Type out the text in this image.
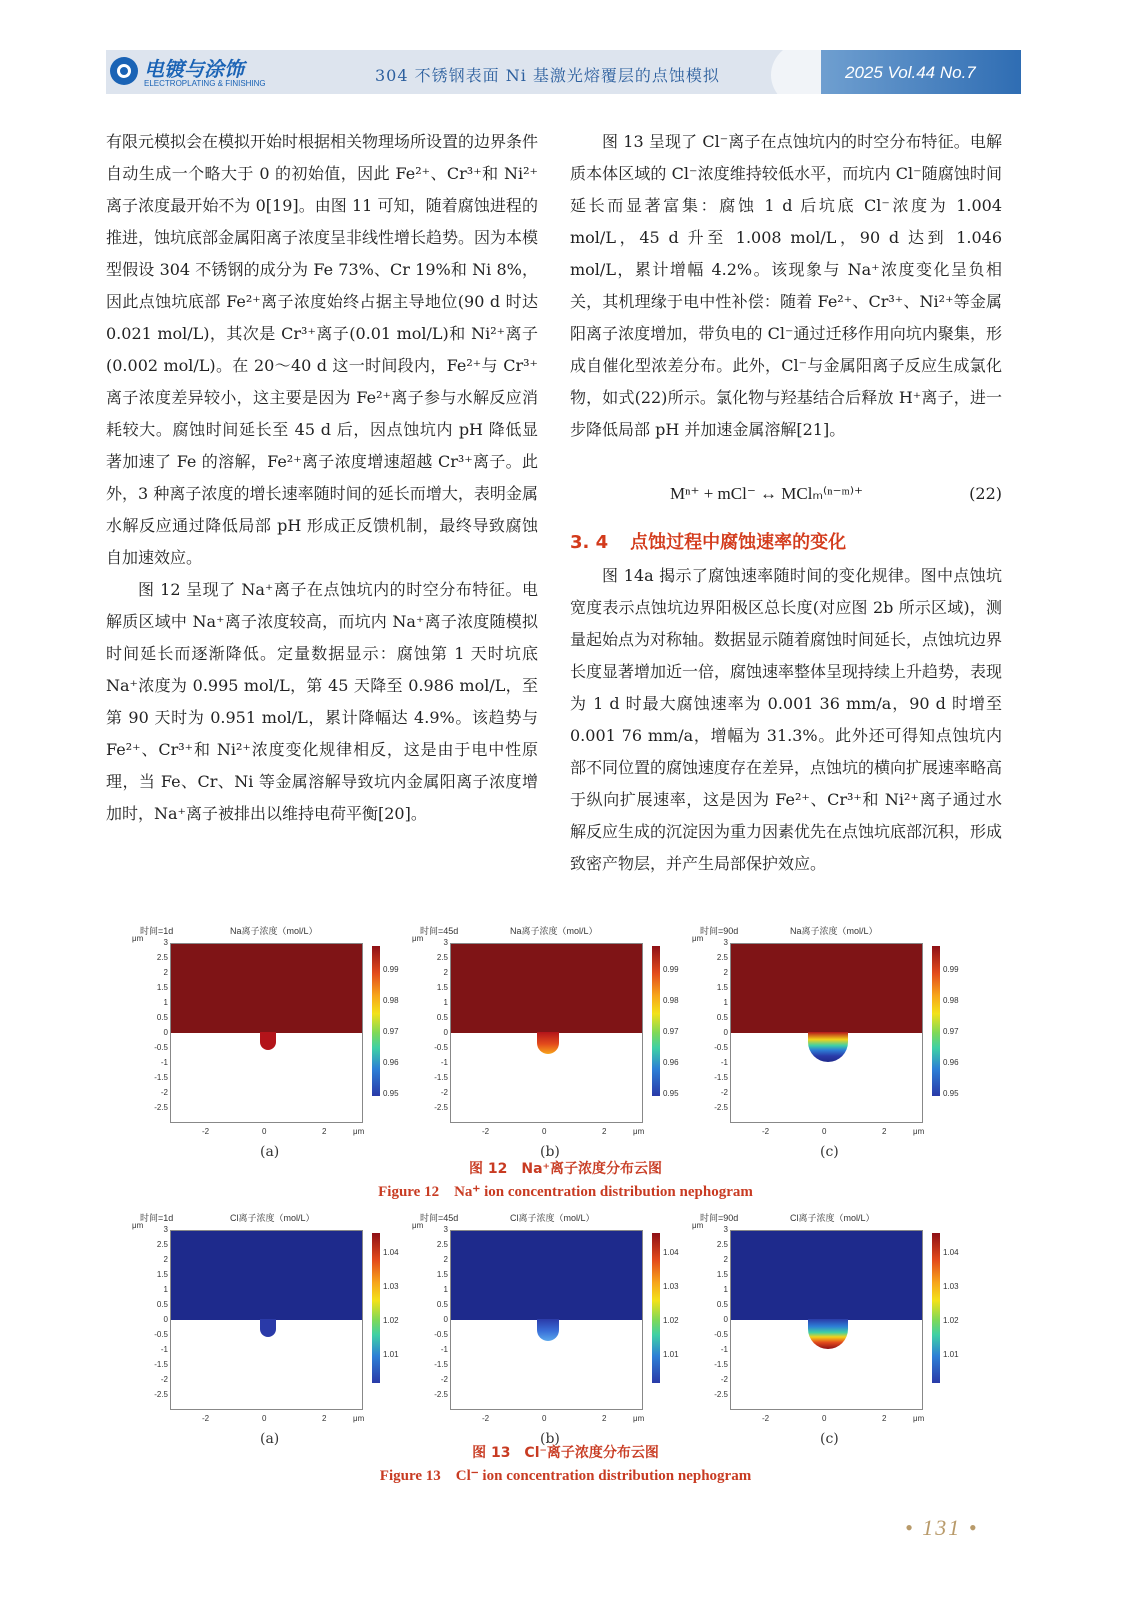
电镀与涂饰
ELECTROPLATING & FINISHING	304 不锈钢表面 Ni 基激光熔覆层的点蚀模拟	2025 Vol.44 No.7

有限元模拟会在模拟开始时根据相关物理场所设置的边界条件自动生成一个略大于 0 的初始值，因此 Fe²⁺、Cr³⁺和 Ni²⁺离子浓度最开始不为 0[19]。由图 11 可知，随着腐蚀进程的推进，蚀坑底部金属阳离子浓度呈非线性增长趋势。因为本模型假设 304 不锈钢的成分为 Fe 73%、Cr 19%和 Ni 8%，因此点蚀坑底部 Fe²⁺离子浓度始终占据主导地位(90 d 时达 0.021 mol/L)，其次是 Cr³⁺离子(0.01 mol/L)和 Ni²⁺离子(0.002 mol/L)。在 20～40 d 这一时间段内，Fe²⁺与 Cr³⁺离子浓度差异较小，这主要是因为 Fe²⁺离子参与水解反应消耗较大。腐蚀时间延长至 45 d 后，因点蚀坑内 pH 降低显著加速了 Fe 的溶解，Fe²⁺离子浓度增速超越 Cr³⁺离子。此外，3 种离子浓度的增长速率随时间的延长而增大，表明金属水解反应通过降低局部 pH 形成正反馈机制，最终导致腐蚀自加速效应。

图 12 呈现了 Na⁺离子在点蚀坑内的时空分布特征。电解质区域中 Na⁺离子浓度较高，而坑内 Na⁺离子浓度随模拟时间延长而逐渐降低。定量数据显示：腐蚀第 1 天时坑底 Na⁺浓度为 0.995 mol/L，第 45 天降至 0.986 mol/L，至第 90 天时为 0.951 mol/L，累计降幅达 4.9%。该趋势与 Fe²⁺、Cr³⁺和 Ni²⁺浓度变化规律相反，这是由于电中性原理，当 Fe、Cr、Ni 等金属溶解导致坑内金属阳离子浓度增加时，Na⁺离子被排出以维持电荷平衡[20]。

图 13 呈现了 Cl⁻离子在点蚀坑内的时空分布特征。电解质本体区域的 Cl⁻浓度维持较低水平，而坑内 Cl⁻随腐蚀时间延长而显著富集：腐蚀 1 d 后坑底 Cl⁻浓度为 1.004 mol/L，45 d 升至 1.008 mol/L，90 d 达到 1.046 mol/L，累计增幅 4.2%。该现象与 Na⁺浓度变化呈负相关，其机理缘于电中性补偿：随着 Fe²⁺、Cr³⁺、Ni²⁺等金属阳离子浓度增加，带负电的 Cl⁻通过迁移作用向坑内聚集，形成自催化型浓差分布。此外，Cl⁻与金属阳离子反应生成氯化物，如式(22)所示。氯化物与羟基结合后释放 H⁺离子，进一步降低局部 pH 并加速金属溶解[21]。

Mⁿ⁺ + mCl⁻ ↔ MClₘ⁽ⁿ⁻ᵐ⁾⁺	(22)
3. 4 点蚀过程中腐蚀速率的变化

图 14a 揭示了腐蚀速率随时间的变化规律。图中点蚀坑宽度表示点蚀坑边界阳极区总长度(对应图 2b 所示区域)，测量起始点为对称轴。数据显示随着腐蚀时间延长，点蚀坑边界长度显著增加近一倍，腐蚀速率整体呈现持续上升趋势，表现为 1 d 时最大腐蚀速率为 0.001 36 mm/a，90 d 时增至 0.001 76 mm/a，增幅为 31.3%。此外还可得知点蚀坑内部不同位置的腐蚀速度存在差异，点蚀坑的横向扩展速率略高于纵向扩展速率，这是因为 Fe²⁺、Cr³⁺和 Ni²⁺离子通过水解反应生成的沉淀因为重力因素优先在点蚀坑底部沉积，形成致密产物层，并产生局部保护效应。

时间=1d
μm
Na离子浓度（mol/L）
3
2.5
2
1.5
1
0.5
0
-0.5
-1
-1.5
-2
-2.5
-2	0	2	μm
0.99
0.98
0.97
0.96
0.95
(a)
时间=45d
μm
Na离子浓度（mol/L）
3
2.5
2
1.5
1
0.5
0
-0.5
-1
-1.5
-2
-2.5
-2	0	2	μm
0.99
0.98
0.97
0.96
0.95
(b)
时间=90d
μm
Na离子浓度（mol/L）
3
2.5
2
1.5
1
0.5
0
-0.5
-1
-1.5
-2
-2.5
-2	0	2	μm
0.99
0.98
0.97
0.96
0.95
(c)
图 12　Na⁺离子浓度分布云图
Figure 12　Na⁺ ion concentration distribution nephogram
时间=1d
μm
Cl离子浓度（mol/L）
3
2.5
2
1.5
1
0.5
0
-0.5
-1
-1.5
-2
-2.5
-2	0	2	μm
1.04
1.03
1.02
1.01
(a)
时间=45d
μm
Cl离子浓度（mol/L）
3
2.5
2
1.5
1
0.5
0
-0.5
-1
-1.5
-2
-2.5
-2	0	2	μm
1.04
1.03
1.02
1.01
(b)
时间=90d
μm
Cl离子浓度（mol/L）
3
2.5
2
1.5
1
0.5
0
-0.5
-1
-1.5
-2
-2.5
-2	0	2	μm
1.04
1.03
1.02
1.01
(c)
图 13　Cl⁻离子浓度分布云图
Figure 13　Cl⁻ ion concentration distribution nephogram
• 131 •
